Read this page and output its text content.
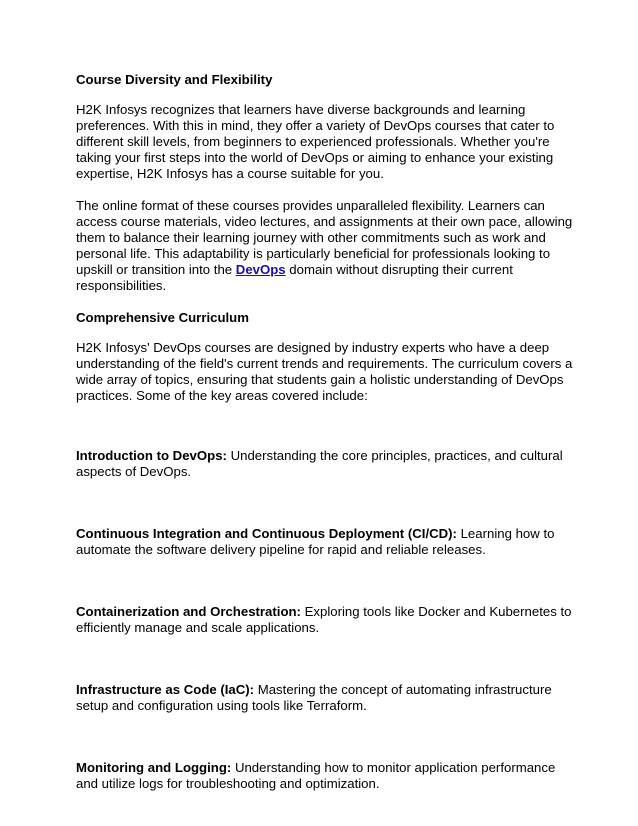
Course Diversity and Flexibility

H2K Infosys recognizes that learners have diverse backgrounds and learning preferences. With this in mind, they offer a variety of DevOps courses that cater to different skill levels, from beginners to experienced professionals. Whether you're taking your first steps into the world of DevOps or aiming to enhance your existing expertise, H2K Infosys has a course suitable for you.

The online format of these courses provides unparalleled flexibility. Learners can access course materials, video lectures, and assignments at their own pace, allowing them to balance their learning journey with other commitments such as work and personal life. This adaptability is particularly beneficial for professionals looking to upskill or transition into the DevOps domain without disrupting their current responsibilities.

Comprehensive Curriculum

H2K Infosys' DevOps courses are designed by industry experts who have a deep understanding of the field's current trends and requirements. The curriculum covers a wide array of topics, ensuring that students gain a holistic understanding of DevOps practices. Some of the key areas covered include:

Introduction to DevOps: Understanding the core principles, practices, and cultural aspects of DevOps.

Continuous Integration and Continuous Deployment (CI/CD): Learning how to automate the software delivery pipeline for rapid and reliable releases.

Containerization and Orchestration: Exploring tools like Docker and Kubernetes to efficiently manage and scale applications.

Infrastructure as Code (IaC): Mastering the concept of automating infrastructure setup and configuration using tools like Terraform.

Monitoring and Logging: Understanding how to monitor application performance and utilize logs for troubleshooting and optimization.
